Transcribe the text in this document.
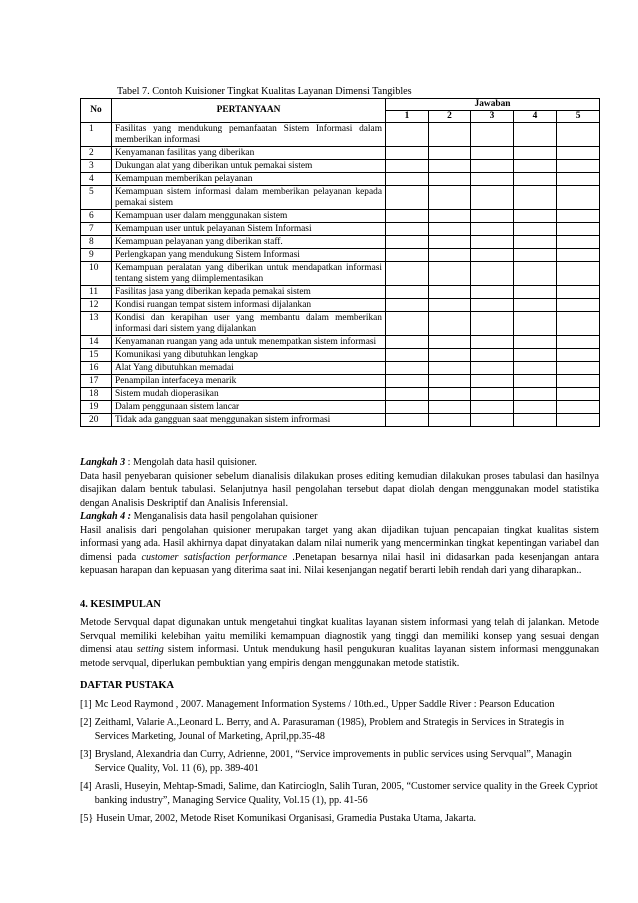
Tabel 7. Contoh Kuisioner Tingkat Kualitas Layanan Dimensi Tangibles
No	PERTANYAAN	Jawaban				
		1	2	3	4	5
1	Fasilitas yang mendukung pemanfaatan Sistem Informasi dalam memberikan informasi					
2	Kenyamanan fasilitas yang diberikan					
3	Dukungan alat yang diberikan untuk pemakai sistem					
4	Kemampuan memberikan pelayanan					
5	Kemampuan sistem informasi dalam memberikan pelayanan kepada pemakai sistem					
6	Kemampuan user dalam menggunakan sistem					
7	Kemampuan user untuk pelayanan Sistem Informasi					
8	Kemampuan pelayanan yang diberikan staff.					
9	Perlengkapan yang mendukung Sistem Informasi					
10	Kemampuan peralatan yang diberikan untuk mendapatkan informasi tentang sistem yang diimplementasikan					
11	Fasilitas jasa yang diberikan kepada pemakai sistem					
12	Kondisi ruangan tempat sistem informasi dijalankan					
13	Kondisi dan kerapihan user yang membantu dalam memberikan informasi dari sistem yang dijalankan					
14	Kenyamanan ruangan yang ada untuk menempatkan sistem informasi					
15	Komunikasi yang dibutuhkan lengkap					
16	Alat Yang dibutuhkan memadai					
17	Penampilan interfaceya menarik					
18	Sistem mudah dioperasikan					
19	Dalam penggunaan sistem lancar					
20	Tidak ada gangguan saat menggunakan sistem infrormasi					

Langkah 3 : Mengolah data hasil quisioner.

Data hasil penyebaran quisioner sebelum dianalisis dilakukan proses editing kemudian dilakukan proses tabulasi dan hasilnya disajikan dalam bentuk tabulasi. Selanjutnya hasil pengolahan tersebut dapat diolah dengan menggunakan model statistika dengan Analisis Deskriptif dan Analisis Inferensial.

Langkah 4 : Menganalisis data hasil pengolahan quisioner

Hasil analisis dari pengolahan quisioner merupakan target yang akan dijadikan tujuan pencapaian tingkat kualitas sistem informasi yang ada. Hasil akhirnya dapat dinyatakan dalam nilai numerik yang mencerminkan tingkat kepentingan variabel dan dimensi pada customer satisfaction performance .Penetapan besarnya nilai hasil ini didasarkan pada kesenjangan antara kepuasan harapan dan kepuasan yang diterima saat ini. Nilai kesenjangan negatif berarti lebih rendah dari yang diharapkan..

4. KESIMPULAN

Metode Servqual dapat digunakan untuk mengetahui tingkat kualitas layanan sistem informasi yang telah di jalankan. Metode Servqual memiliki kelebihan yaitu memiliki kemampuan diagnostik yang tinggi dan memiliki konsep yang sesuai dengan dimensi atau setting sistem informasi. Untuk mendukung hasil pengukuran kualitas layanan sistem informasi menggunakan metode servqual, diperlukan pembuktian yang empiris dengan menggunakan metode statistik.

DAFTAR PUSTAKA
[1] Mc Leod Raymond , 2007. Management Information Systems / 10th.ed., Upper Saddle River : Pearson Education
[2] Zeithaml, Valarie A.,Leonard L. Berry, and A. Parasuraman (1985), Problem and Strategis in Services in Strategis in Services Marketing, Jounal of Marketing, April,pp.35-48
[3] Brysland, Alexandria dan Curry, Adrienne, 2001, “Service improvements in public services using Servqual”, Managin Service Quality, Vol. 11 (6), pp. 389-401
[4] Arasli, Huseyin, Mehtap-Smadi, Salime, dan Katirciogln, Salih Turan, 2005, “Customer service quality in the Greek Cypriot banking industry”, Managing Service Quality, Vol.15 (1), pp. 41-56
[5} Husein Umar, 2002, Metode Riset Komunikasi Organisasi, Gramedia Pustaka Utama, Jakarta.
